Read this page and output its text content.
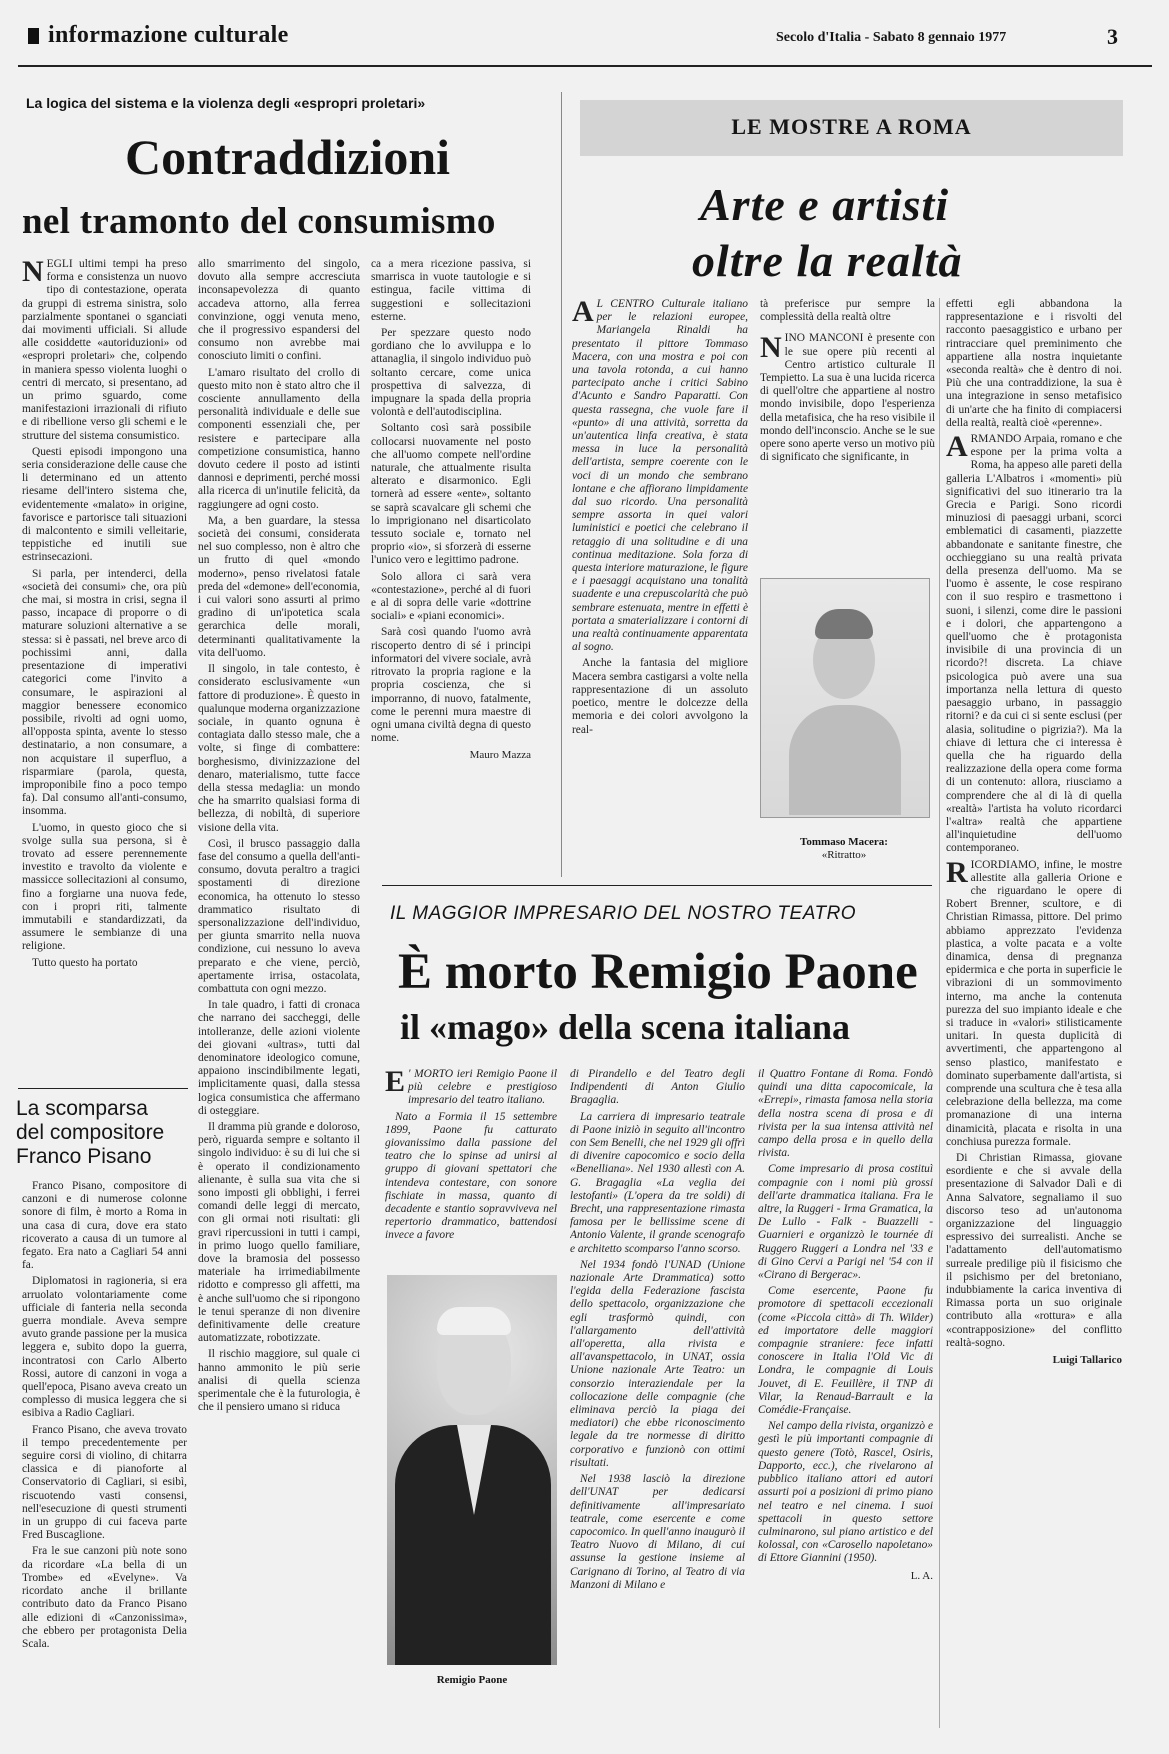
informazione culturale	Secolo d'Italia - Sabato 8 gennaio 1977	3
La logica del sistema e la violenza degli «espropri proletari»
Contraddizioni
nel tramonto del consumismo
N EGLI ultimi tempi ha preso forma e consistenza un nuovo tipo di contestazione, operata da gruppi di estrema sinistra, solo parzialmente spontanei o sganciati dai movimenti ufficiali. Si allude alle cosiddette «autoriduzioni» od «espropri proletari» che, colpendo in maniera spesso violenta luoghi o centri di mercato, si presentano, ad un primo sguardo, come manifestazioni irrazionali di rifiuto e di ribellione verso gli schemi e le strutture del sistema consumistico.

Questi episodi impongono una seria considerazione delle cause che li determinano ed un attento riesame dell'intero sistema che, evidentemente «malato» in origine, favorisce e partorisce tali situazioni di malcontento e simili velleitarie, teppistiche ed inutili sue estrinsecazioni.

Si parla, per intenderci, della «società dei consumi» che, ora più che mai, si mostra in crisi, segna il passo, incapace di proporre o di maturare soluzioni alternative a se stessa: si è passati, nel breve arco di pochissimi anni, dalla presentazione di imperativi categorici come l'invito a consumare, le aspirazioni al maggior benessere economico possibile, rivolti ad ogni uomo, all'opposta spinta, avente lo stesso destinatario, a non consumare, a non acquistare il superfluo, a risparmiare (parola, questa, improponibile fino a poco tempo fa). Dal consumo all'anti-consumo, insomma.

L'uomo, in questo gioco che si svolge sulla sua persona, si è trovato ad essere perennemente investito e travolto da violente e massicce sollecitazioni al consumo, fino a forgiarne una nuova fede, con i propri riti, talmente immutabili e standardizzati, da assumere le sembianze di una religione.

Tutto questo ha portato

allo smarrimento del singolo, dovuto alla sempre accresciuta inconsapevolezza di quanto accadeva attorno, alla ferrea convinzione, oggi venuta meno, che il progressivo espandersi del consumo non avrebbe mai conosciuto limiti o confini.

L'amaro risultato del crollo di questo mito non è stato altro che il cosciente annullamento della personalità individuale e delle sue componenti essenziali che, per resistere e partecipare alla competizione consumistica, hanno dovuto cedere il posto ad istinti dannosi e deprimenti, perché mossi alla ricerca di un'inutile felicità, da raggiungere ad ogni costo.

Ma, a ben guardare, la stessa società dei consumi, considerata nel suo complesso, non è altro che un frutto di quel «mondo moderno», penso rivelatosi fatale preda del «demone» dell'economia, i cui valori sono assurti al primo gradino di un'ipotetica scala gerarchica delle morali, determinanti qualitativamente la vita dell'uomo.

Il singolo, in tale contesto, è considerato esclusivamente «un fattore di produzione». È questo in qualunque moderna organizzazione sociale, in quanto ognuna è contagiata dallo stesso male, che a volte, si finge di combattere: borghesismo, divinizzazione del denaro, materialismo, tutte facce della stessa medaglia: un mondo che ha smarrito qualsiasi forma di bellezza, di nobiltà, di superiore visione della vita.

Così, il brusco passaggio dalla fase del consumo a quella dell'anti-consumo, dovuta peraltro a tragici spostamenti di direzione economica, ha ottenuto lo stesso drammatico risultato di spersonalizzazione dell'individuo, per giunta smarrito nella nuova condizione, cui nessuno lo aveva preparato e che viene, perciò, apertamente irrisa, ostacolata, combattuta con ogni mezzo.

In tale quadro, i fatti di cronaca che narrano dei saccheggi, delle intolleranze, delle azioni violente dei giovani «ultras», tutti dal denominatore ideologico comune, appaiono inscindibilmente legati, implicitamente quasi, dalla stessa logica consumistica che affermano di osteggiare.

Il dramma più grande e doloroso, però, riguarda sempre e soltanto il singolo individuo: è su di lui che si è operato il condizionamento alienante, è sulla sua vita che si sono imposti gli obblighi, i ferrei comandi delle leggi di mercato, con gli ormai noti risultati: gli gravi ripercussioni in tutti i campi, in primo luogo quello familiare, dove la bramosia del possesso materiale ha irrimediabilmente ridotto e compresso gli affetti, ma è anche sull'uomo che si ripongono le tenui speranze di non divenire definitivamente delle creature automatizzate, robotizzate.

Il rischio maggiore, sul quale ci hanno ammonito le più serie analisi di quella scienza sperimentale che è la futurologia, è che il pensiero umano si riduca

ca a mera ricezione passiva, si smarrisca in vuote tautologie e si estingua, facile vittima di suggestioni e sollecitazioni esterne.

Per spezzare questo nodo gordiano che lo avviluppa e lo attanaglia, il singolo individuo può soltanto cercare, come unica prospettiva di salvezza, di impugnare la spada della propria volontà e dell'autodisciplina.

Soltanto così sarà possibile collocarsi nuovamente nel posto che all'uomo compete nell'ordine naturale, che attualmente risulta alterato e disarmonico. Egli tornerà ad essere «ente», soltanto se saprà scavalcare gli schemi che lo imprigionano nel disarticolato tessuto sociale e, tornato nel proprio «io», si sforzerà di esserne l'unico vero e legittimo padrone.

Solo allora ci sarà vera «contestazione», perché al di fuori e al di sopra delle varie «dottrine sociali» e «piani economici».

Sarà così quando l'uomo avrà riscoperto dentro di sé i principi informatori del vivere sociale, avrà ritrovato la propria ragione e la propria coscienza, che si imporranno, di nuovo, fatalmente, come le perenni mura maestre di ogni umana civiltà degna di questo nome.

Mauro Mazza
La scomparsa
del compositore
Franco Pisano

Franco Pisano, compositore di canzoni e di numerose colonne sonore di film, è morto a Roma in una casa di cura, dove era stato ricoverato a causa di un tumore al fegato. Era nato a Cagliari 54 anni fa.

Diplomatosi in ragioneria, si era arruolato volontariamente come ufficiale di fanteria nella seconda guerra mondiale. Aveva sempre avuto grande passione per la musica leggera e, subito dopo la guerra, incontratosi con Carlo Alberto Rossi, autore di canzoni in voga a quell'epoca, Pisano aveva creato un complesso di musica leggera che si esibiva a Radio Cagliari.

Franco Pisano, che aveva trovato il tempo precedentemente per seguire corsi di violino, di chitarra classica e di pianoforte al Conservatorio di Cagliari, si esibì, riscuotendo vasti consensi, nell'esecuzione di questi strumenti in un gruppo di cui faceva parte Fred Buscaglione.

Fra le sue canzoni più note sono da ricordare «La bella di un Trombe» ed «Evelyne». Va ricordato anche il brillante contributo dato da Franco Pisano alle edizioni di «Canzonissima», che ebbero per protagonista Delia Scala.

LE MOSTRE A ROMA
Arte e artisti
oltre la realtà
A L CENTRO Culturale italiano per le relazioni europee, Mariangela Rinaldi ha presentato il pittore Tommaso Macera, con una mostra e poi con una tavola rotonda, a cui hanno partecipato anche i critici Sabino d'Acunto e Sandro Paparatti. Con questa rassegna, che vuole fare il «punto» di una attività, sorretta da un'autentica linfa creativa, è stata messa in luce la personalità dell'artista, sempre coerente con le voci di un mondo che sembrano lontane e che affiorano limpidamente dal suo ricordo. Una personalità sempre assorta in quei valori luministici e poetici che celebrano il retaggio di una solitudine e di una continua meditazione. Sola forza di questa interiore maturazione, le figure e i paesaggi acquistano una tonalità suadente e una crepuscolarità che può sembrare estenuata, mentre in effetti è portata a smaterializzare i contorni di una realtà continuamente apparentata al sogno.

Anche la fantasia del migliore Macera sembra castigarsi a volte nella rappresentazione di un assoluto poetico, mentre le dolcezze della memoria e dei colori avvolgono la real-

tà preferisce pur sempre la complessità della realtà oltre

N INO MANCONI è presente con le sue opere più recenti al Centro artistico culturale Il Tempietto. La sua è una lucida ricerca di quell'oltre che appartiene al nostro mondo invisibile, dopo l'esperienza della metafisica, che ha reso visibile il mondo dell'inconscio. Anche se le sue opere sono aperte verso un motivo più di significato che significante, in

Tommaso Macera:
«Ritratto»

effetti egli abbandona la rappresentazione e i risvolti del racconto paesaggistico e urbano per rintracciare quel preminimento che appartiene alla nostra inquietante «seconda realtà» che è dentro di noi. Più che una contraddizione, la sua è una integrazione in senso metafisico di un'arte che ha finito di compiacersi della realtà, realtà cioè «perenne».

A RMANDO Arpaia, romano e che espone per la prima volta a Roma, ha appeso alle pareti della galleria L'Albatros i «momenti» più significativi del suo itinerario tra la Grecia e Parigi. Sono ricordi minuziosi di paesaggi urbani, scorci emblematici di casamenti, piazzette abbandonate e sanitante finestre, che occhieggiano su una realtà privata della presenza dell'uomo. Ma se l'uomo è assente, le cose respirano con il suo respiro e trasmettono i suoni, i silenzi, come dire le passioni e i dolori, che appartengono a quell'uomo che è protagonista invisibile di una provincia di un ricordo?! discreta. La chiave psicologica può avere una sua importanza nella lettura di questo paesaggio urbano, in passaggio ritorni? e da cui ci si sente esclusi (per alasia, solitudine o pigrizia?). Ma la chiave di lettura che ci interessa è quella che ha riguardo della realizzazione della opera come forma di un contenuto: allora, riusciamo a comprendere che al di là di quella «realtà» l'artista ha voluto ricordarci l'«altra» realtà che appartiene all'inquietudine dell'uomo contemporaneo.

R ICORDIAMO, infine, le mostre allestite alla galleria Orione e che riguardano le opere di Robert Brenner, scultore, e di Christian Rimassa, pittore. Del primo abbiamo apprezzato l'evidenza plastica, a volte pacata e a volte dinamica, densa di pregnanza epidermica e che porta in superficie le vibrazioni di un sommovimento interno, ma anche la contenuta purezza del suo impianto ideale e che si traduce in «valori» stilisticamente unitari. In questa duplicità di avvertimenti, che appartengono al senso plastico, manifestato e dominato superbamente dall'artista, si comprende una scultura che è tesa alla celebrazione della bellezza, ma come promanazione di una interna dinamicità, placata e risolta in una conchiusa purezza formale.

Di Christian Rimassa, giovane esordiente e che si avvale della presentazione di Salvador Dalì e di Anna Salvatore, segnaliamo il suo discorso teso ad un'autonoma organizzazione del linguaggio espressivo dei surrealisti. Anche se l'adattamento dell'automatismo surreale predilige più il fisicismo che il psichismo per del bretoniano, indubbiamente la carica inventiva di Rimassa porta un suo originale contributo alla «rottura» e alla «contrapposizione» del conflitto realtà-sogno.

Luigi Tallarico
IL MAGGIOR IMPRESARIO DEL NOSTRO TEATRO
È morto Remigio Paone
il «mago» della scena italiana
E ' MORTO ieri Remigio Paone il più celebre e prestigioso impresario del teatro italiano.

Nato a Formia il 15 settembre 1899, Paone fu catturato giovanissimo dalla passione del teatro che lo spinse ad unirsi al gruppo di giovani spettatori che intendeva contestare, con sonore fischiate in massa, quanto di decadente e stantio sopravviveva nel repertorio drammatico, battendosi invece a favore

Remigio Paone

di Pirandello e del Teatro degli Indipendenti di Anton Giulio Bragaglia.

La carriera di impresario teatrale di Paone iniziò in seguito all'incontro con Sem Benelli, che nel 1929 gli offrì di divenire capocomico e socio della «Benelliana». Nel 1930 allestì con A. G. Bragaglia «La veglia dei lestofanti» (L'opera da tre soldi) di Brecht, una rappresentazione rimasta famosa per le bellissime scene di Antonio Valente, il grande scenografo e architetto scomparso l'anno scorso.

Nel 1934 fondò l'UNAD (Unione nazionale Arte Drammatica) sotto l'egida della Federazione fascista dello spettacolo, organizzazione che egli trasformò quindi, con l'allargamento dell'attività all'operetta, alla rivista e all'avanspettacolo, in UNAT, ossia Unione nazionale Arte Teatro: un consorzio interaziendale per la collocazione delle compagnie (che eliminava perciò la piaga dei mediatori) che ebbe riconoscimento legale da tre normesse di diritto corporativo e funzionò con ottimi risultati.

Nel 1938 lasciò la direzione dell'UNAT per dedicarsi definitivamente all'impresariato teatrale, come esercente e come capocomico. In quell'anno inaugurò il Teatro Nuovo di Milano, di cui assunse la gestione insieme al Carignano di Torino, al Teatro di via Manzoni di Milano e

il Quattro Fontane di Roma. Fondò quindi una ditta capocomicale, la «Errepi», rimasta famosa nella storia della nostra scena di prosa e di rivista per la sua intensa attività nel campo della prosa e in quello della rivista.

Come impresario di prosa costituì compagnie con i nomi più grossi dell'arte drammatica italiana. Fra le altre, la Ruggeri - Irma Gramatica, la De Lullo - Falk - Buazzelli - Guarnieri e organizzò le tournée di Ruggero Ruggeri a Londra nel '33 e di Gino Cervi a Parigi nel '54 con il «Cirano di Bergerac».

Come esercente, Paone fu promotore di spettacoli eccezionali (come «Piccola città» di Th. Wilder) ed importatore delle maggiori compagnie straniere: fece infatti conoscere in Italia l'Old Vic di Londra, le compagnie di Louis Jouvet, di E. Feuillère, il TNP di Vilar, la Renaud-Barrault e la Comédie-Française.

Nel campo della rivista, organizzò e gestì le più importanti compagnie di questo genere (Totò, Rascel, Osiris, Dapporto, ecc.), che rivelarono al pubblico italiano attori ed autori assurti poi a posizioni di primo piano nel teatro e nel cinema. I suoi spettacoli in questo settore culminarono, sul piano artistico e del kolossal, con «Carosello napoletano» di Ettore Giannini (1950).

L. A.
